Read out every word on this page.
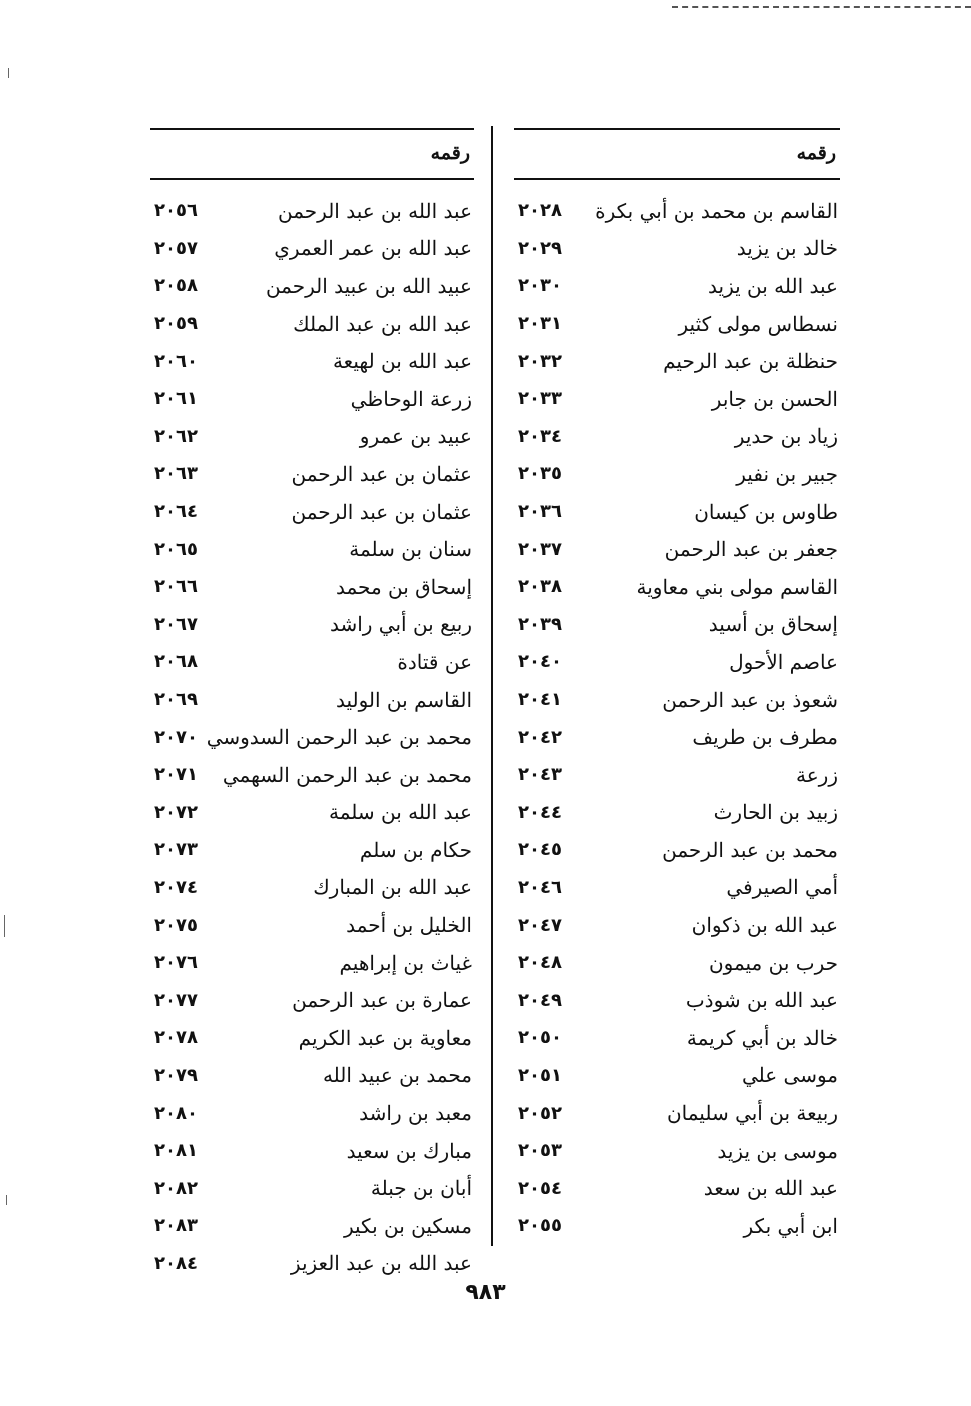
رقمه
القاسم بن محمد بن أبي بكرة
٢٠٢٨
خالد بن يزيد
٢٠٢٩
عبد الله بن يزيد
٢٠٣٠
نسطاس مولى كثير
٢٠٣١
حنظلة بن عبد الرحيم
٢٠٣٢
الحسن بن جابر
٢٠٣٣
زياد بن حدير
٢٠٣٤
جبير بن نفير
٢٠٣٥
طاوس بن كيسان
٢٠٣٦
جعفر بن عبد الرحمن
٢٠٣٧
القاسم مولى بني معاوية
٢٠٣٨
إسحاق بن أسيد
٢٠٣٩
عاصم الأحول
٢٠٤٠
شعوذ بن عبد الرحمن
٢٠٤١
مطرف بن طريف
٢٠٤٢
زرعة
٢٠٤٣
زبيد بن الحارث
٢٠٤٤
محمد بن عبد الرحمن
٢٠٤٥
أمي الصيرفي
٢٠٤٦
عبد الله بن ذكوان
٢٠٤٧
حرب بن ميمون
٢٠٤٨
عبد الله بن شوذب
٢٠٤٩
خالد بن أبي كريمة
٢٠٥٠
موسى علي
٢٠٥١
ربيعة بن أبي سليمان
٢٠٥٢
موسى بن يزيد
٢٠٥٣
عبد الله بن سعد
٢٠٥٤
ابن أبي بكر
٢٠٥٥
رقمه
عبد الله بن عبد الرحمن
٢٠٥٦
عبد الله بن عمر العمري
٢٠٥٧
عبيد الله بن عبيد الرحمن
٢٠٥٨
عبد الله بن عبد الملك
٢٠٥٩
عبد الله بن لهيعة
٢٠٦٠
زرعة الوحاظي
٢٠٦١
عبيد بن عمرو
٢٠٦٢
عثمان بن عبد الرحمن
٢٠٦٣
عثمان بن عبد الرحمن
٢٠٦٤
سنان بن سلمة
٢٠٦٥
إسحاق بن محمد
٢٠٦٦
ربيع بن أبي راشد
٢٠٦٧
عن قتادة
٢٠٦٨
القاسم بن الوليد
٢٠٦٩
محمد بن عبد الرحمن السدوسي
٢٠٧٠
محمد بن عبد الرحمن السهمي
٢٠٧١
عبد الله بن سلمة
٢٠٧٢
حكام بن سلم
٢٠٧٣
عبد الله بن المبارك
٢٠٧٤
الخليل بن أحمد
٢٠٧٥
غياث بن إبراهيم
٢٠٧٦
عمارة بن عبد الرحمن
٢٠٧٧
معاوية بن عبد الكريم
٢٠٧٨
محمد بن عبيد الله
٢٠٧٩
معبد بن راشد
٢٠٨٠
مبارك بن سعيد
٢٠٨١
أبان بن جبلة
٢٠٨٢
مسكين بن بكير
٢٠٨٣
عبد الله بن عبد العزيز
٢٠٨٤
٩٨٣
